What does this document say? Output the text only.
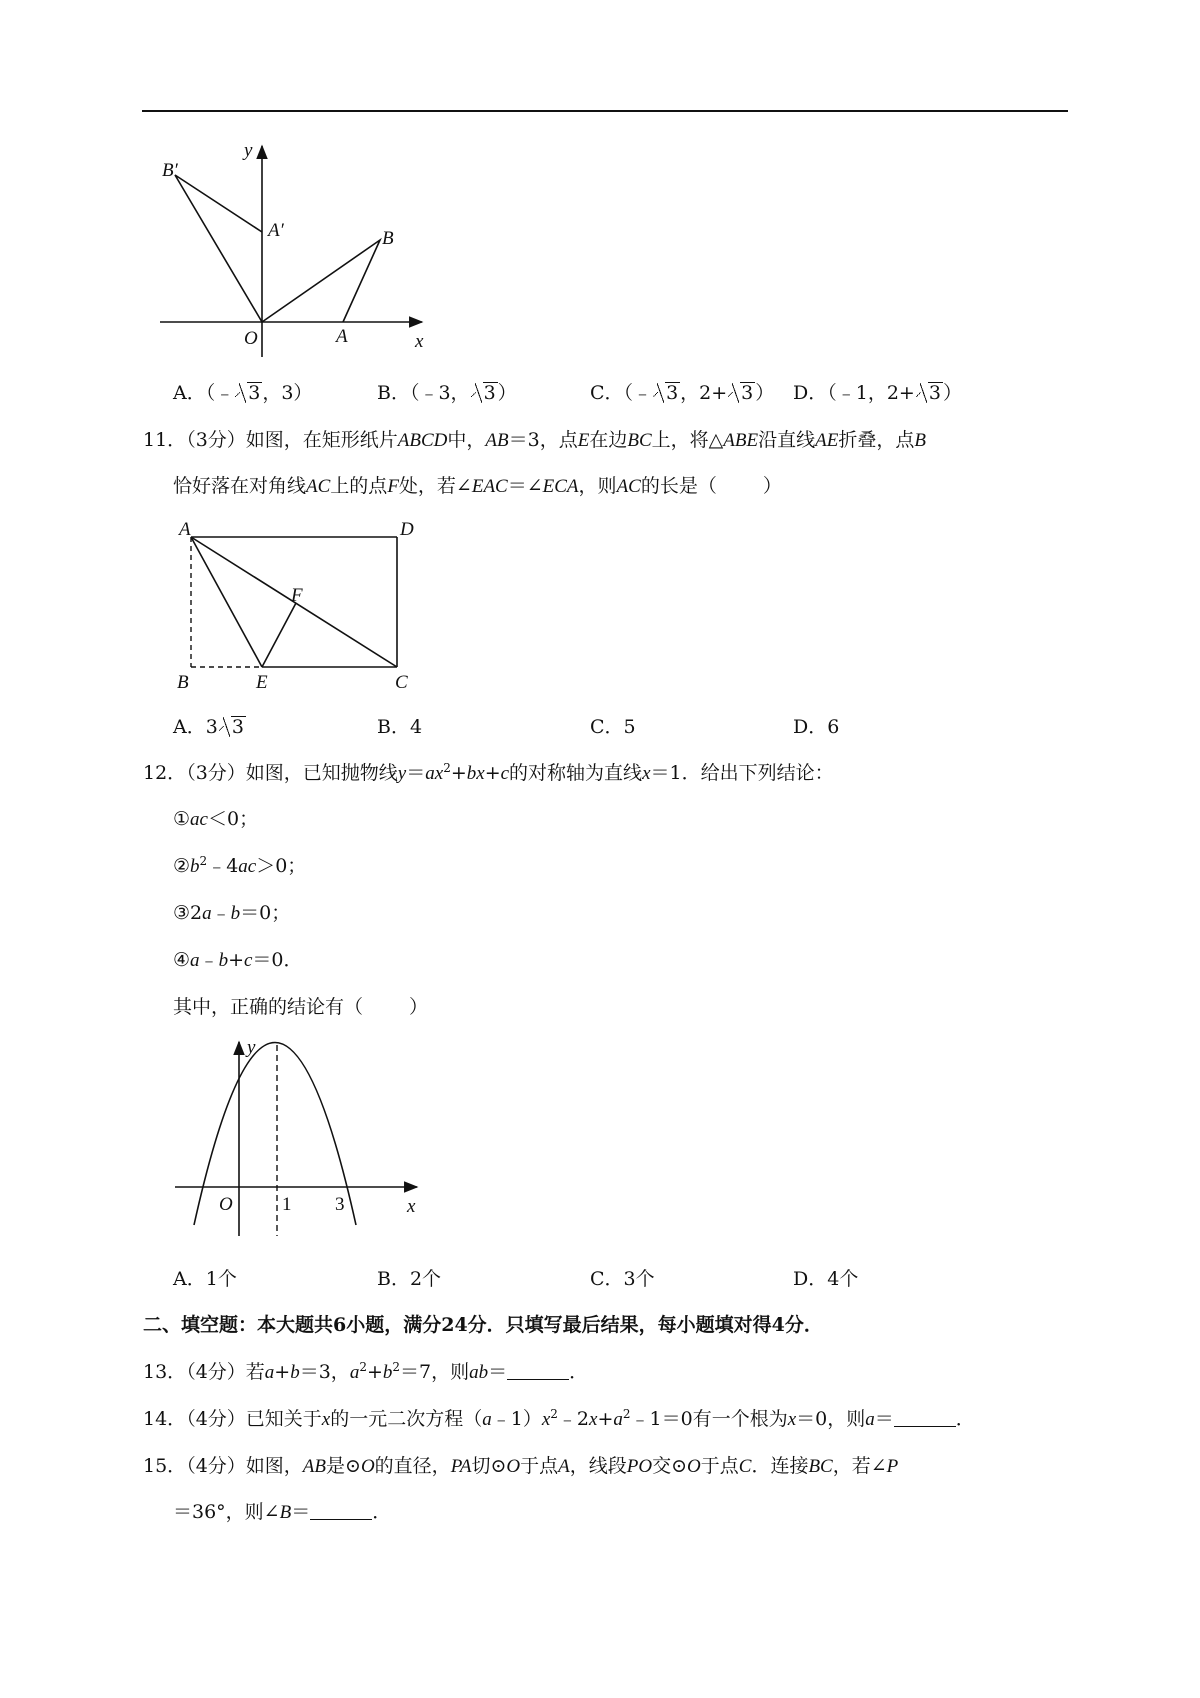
y
x
O	A
B
A′
B′
A．（﹣ 3 ，3）	B．（﹣3， 3 ）	C．（﹣ 3 ，2+ 3 ） D．（﹣1，2+ 3 ）
11．（3分）如图，在矩形纸片ABCD中，AB＝3，点E在边BC上，将△ABE沿直线AE折叠，点B
恰好落在对角线AC上的点F处，若∠EAC＝∠ECA，则AC的长是（ ）
A	D
B	E	C
F
A．3 3	B．4	C．5	D．6
12．（3分）如图，已知抛物线$y=ax^2+bx+c$的对称轴为直线x＝1．给出下列结论：
①ac＜0；
$②b^2﹣4ac>0$；
③2a﹣b＝0；
④a﹣b+c＝0．
其中，正确的结论有（ ）
y
x
O	1 3
A．1个	B．2个	C．3个	D．4个
二、填空题：本大题共6小题，满分24分．只填写最后结果，每小题填对得4分．
13．（4分）若a+b＝3，$a^2+b^2=7$，则ab＝	．
14．（4分）已知关于x的一元二次方程$(a﹣1)x^2﹣2x+a^2﹣1=0$有一个根为x＝0，则a＝	．
15．（4分）如图，AB是⊙O的直径，PA切⊙O于点A，线段PO交⊙O于点C．连接BC，若∠P
＝36°，则∠B＝	．
